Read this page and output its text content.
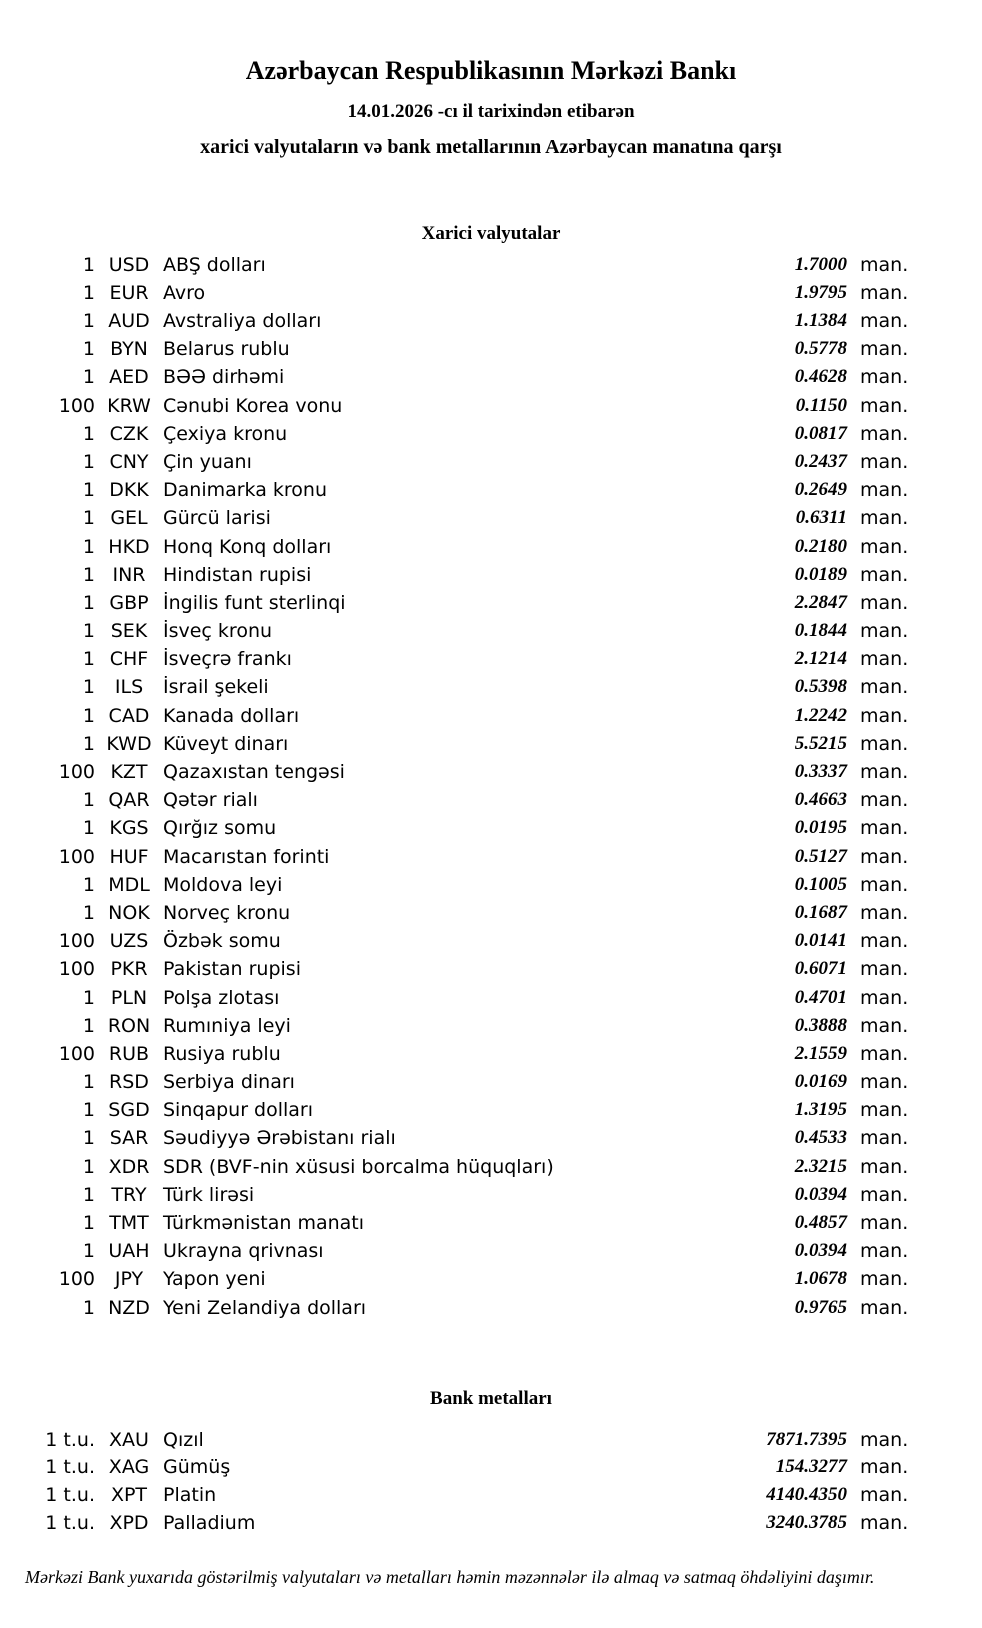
Azərbaycan Respublikasının Mərkəzi Bankı
14.01.2026 -cı il tarixindən etibarən
xarici valyutaların və bank metallarının Azərbaycan manatına qarşı
Xarici valyutalar
1 USD ABŞ dolları	1.7000 man.
1 EUR Avro	1.9795 man.
1 AUD Avstraliya dolları	1.1384 man.
1 BYN Belarus rublu	0.5778 man.
1 AED BƏƏ dirhəmi	0.4628 man.
100 KRW Cənubi Korea vonu	0.1150 man.
1 CZK Çexiya kronu	0.0817 man.
1 CNY Çin yuanı	0.2437 man.
1 DKK Danimarka kronu	0.2649 man.
1 GEL Gürcü larisi	0.6311 man.
1 HKD Honq Konq dolları	0.2180 man.
1 INR Hindistan rupisi	0.0189 man.
1 GBP İngilis funt sterlinqi	2.2847 man.
1 SEK İsveç kronu	0.1844 man.
1 CHF İsveçrə frankı	2.1214 man.
1	ILS	İsrail şekeli	0.5398 man.
1 CAD Kanada dolları	1.2242 man.
1 KWD Küveyt dinarı	5.5215 man.
100 KZT Qazaxıstan tengəsi	0.3337 man.
1 QAR Qətər rialı	0.4663 man.
1 KGS Qırğız somu	0.0195 man.
100 HUF Macarıstan forinti	0.5127 man.
1 MDL Moldova leyi	0.1005 man.
1 NOK Norveç kronu	0.1687 man.
100 UZS Özbək somu	0.0141 man.
100 PKR Pakistan rupisi	0.6071 man.
1 PLN Polşa zlotası	0.4701 man.
1 RON Rumıniya leyi	0.3888 man.
100 RUB Rusiya rublu	2.1559 man.
1 RSD Serbiya dinarı	0.0169 man.
1 SGD Sinqapur dolları	1.3195 man.
1 SAR Səudiyyə Ərəbistanı rialı	0.4533 man.
1 XDR SDR (BVF-nin xüsusi borcalma hüquqları)	2.3215 man.
1 TRY Türk lirəsi	0.0394 man.
1 TMT Türkmənistan manatı	0.4857 man.
1 UAH Ukrayna qrivnası	0.0394 man.
100	JPY	Yapon yeni	1.0678 man.
1 NZD Yeni Zelandiya dolları	0.9765 man.
Bank metalları
1 t.u. XAU Qızıl	7871.7395 man.
1 t.u. XAG Gümüş	154.3277 man.
1 t.u. XPT Platin	4140.4350 man.
1 t.u. XPD Palladium	3240.3785 man.
Mərkəzi Bank yuxarıda göstərilmiş valyutaları və metalları həmin məzənnələr ilə almaq və satmaq öhdəliyini daşımır.
